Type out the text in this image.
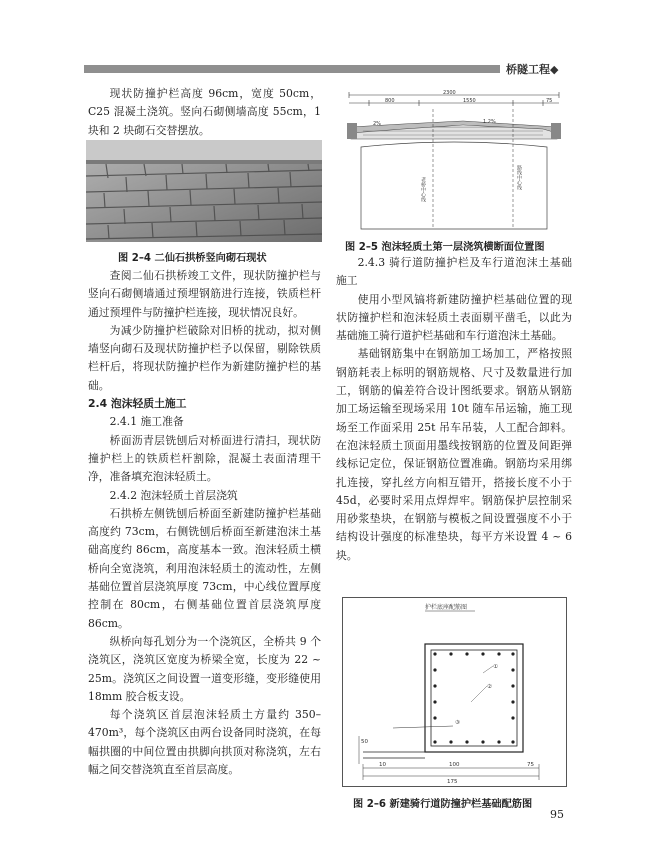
桥隧工程◆

现状防撞护栏高度 96cm，宽度 50cm，C25 混凝土浇筑。竖向石砌侧墙高度 55cm，1 块和 2 块砌石交替摆放。

图 2–4 二仙石拱桥竖向砌石现状

查阅二仙石拱桥竣工文件，现状防撞护栏与竖向石砌侧墙通过预埋钢筋进行连接，铁质栏杆通过预埋件与防撞护栏连接，现状情况良好。

为减少防撞护栏破除对旧桥的扰动，拟对侧墙竖向砌石及现状防撞护栏予以保留，剔除铁质栏杆后，将现状防撞护栏作为新建防撞护栏的基础。

2.4 泡沫轻质土施工

2.4.1 施工准备

桥面沥青层铣刨后对桥面进行清扫，现状防撞护栏上的铁质栏杆割除，混凝土表面清理干净，准备填充泡沫轻质土。

2.4.2 泡沫轻质土首层浇筑

石拱桥左侧铣刨后桥面至新建防撞护栏基础高度约 73cm，右侧铣刨后桥面至新建泡沫土基础高度约 86cm，高度基本一致。泡沫轻质土横桥向全宽浇筑，利用泡沫轻质土的流动性，左侧基础位置首层浇筑厚度 73cm，中心线位置厚度控制在 80cm，右侧基础位置首层浇筑厚度 86cm。

纵桥向每孔划分为一个浇筑区，全桥共 9 个浇筑区，浇筑区宽度为桥梁全宽，长度为 22 ~ 25m。浇筑区之间设置一道变形缝，变形缝使用 18mm 胶合板支设。

每个浇筑区首层泡沫轻质土方量约 350–470m³，每个浇筑区由两台设备同时浇筑，在每幅拱圈的中间位置由拱脚向拱顶对称浇筑，左右幅之间交替浇筑直至首层高度。

2300
800	1550	75
2%	1.2%
老桥中心线	路线中心线
图 2–5 泡沫轻质土第一层浇筑横断面位置图

2.4.3 骑行道防撞护栏及车行道泡沫土基础施工

使用小型风镐将新建防撞护栏基础位置的现状防撞护栏和泡沫轻质土表面剔平凿毛，以此为基础施工骑行道护栏基础和车行道泡沫土基础。

基础钢筋集中在钢筋加工场加工，严格按照钢筋耗表上标明的钢筋规格、尺寸及数量进行加工，钢筋的偏差符合设计图纸要求。钢筋从钢筋加工场运输至现场采用 10t 随车吊运输，施工现场至工作面采用 25t 吊车吊装，人工配合卸料。在泡沫轻质土顶面用墨线按钢筋的位置及间距弹线标记定位，保证钢筋位置准确。钢筋均采用绑扎连接，穿扎丝方向相互错开，搭接长度不小于 45d，必要时采用点焊焊牢。钢筋保护层控制采用砂浆垫块，在钢筋与模板之间设置强度不小于结构设计强度的标准垫块，每平方米设置 4 ~ 6 块。

护栏底座配筋图
①
②
③
50
10	100	75
175
图 2–6 新建骑行道防撞护栏基础配筋图
95
